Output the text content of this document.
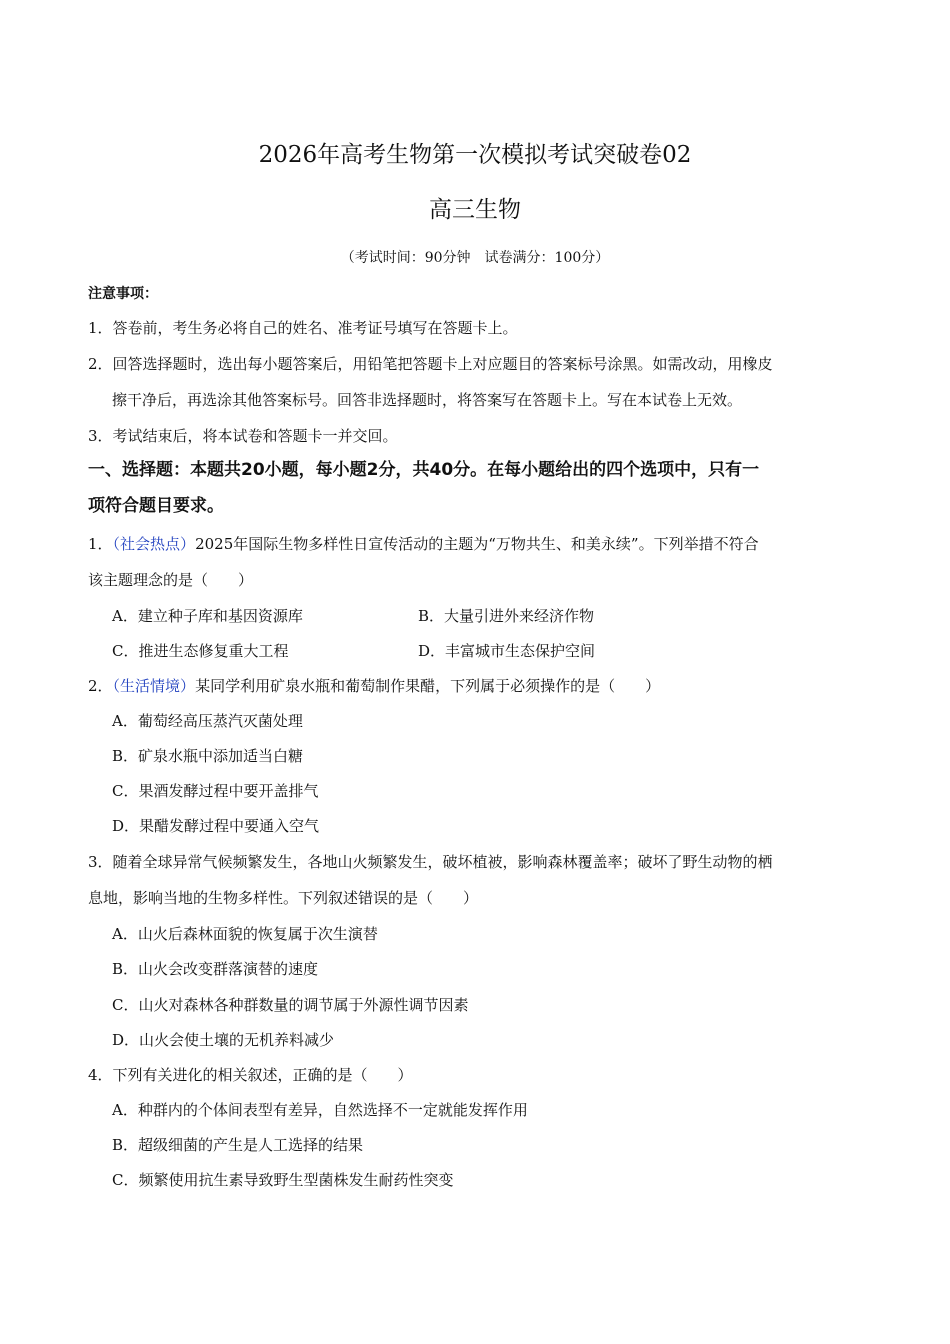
2026年高考生物第一次模拟考试突破卷02
高三生物
（考试时间：90分钟　试卷满分：100分）
注意事项：
1．答卷前，考生务必将自己的姓名、准考证号填写在答题卡上。
2．回答选择题时，选出每小题答案后，用铅笔把答题卡上对应题目的答案标号涂黑。如需改动，用橡皮
擦干净后，再选涂其他答案标号。回答非选择题时，将答案写在答题卡上。写在本试卷上无效。
3．考试结束后，将本试卷和答题卡一并交回。
一、选择题：本题共20小题，每小题2分，共40分。在每小题给出的四个选项中，只有一
项符合题目要求。
1．（社会热点）2025年国际生物多样性日宣传活动的主题为“万物共生、和美永续”。下列举措不符合
该主题理念的是（　　）
A．建立种子库和基因资源库	B．大量引进外来经济作物
C．推进生态修复重大工程	D．丰富城市生态保护空间
2．（生活情境）某同学利用矿泉水瓶和葡萄制作果醋，下列属于必须操作的是（　　）
A．葡萄经高压蒸汽灭菌处理
B．矿泉水瓶中添加适当白糖
C．果酒发酵过程中要开盖排气
D．果醋发酵过程中要通入空气
3．随着全球异常气候频繁发生，各地山火频繁发生，破坏植被，影响森林覆盖率；破坏了野生动物的栖
息地，影响当地的生物多样性。下列叙述错误的是（　　）
A．山火后森林面貌的恢复属于次生演替
B．山火会改变群落演替的速度
C．山火对森林各种群数量的调节属于外源性调节因素
D．山火会使土壤的无机养料减少
4．下列有关进化的相关叙述，正确的是（　　）
A．种群内的个体间表型有差异，自然选择不一定就能发挥作用
B．超级细菌的产生是人工选择的结果
C．频繁使用抗生素导致野生型菌株发生耐药性突变
